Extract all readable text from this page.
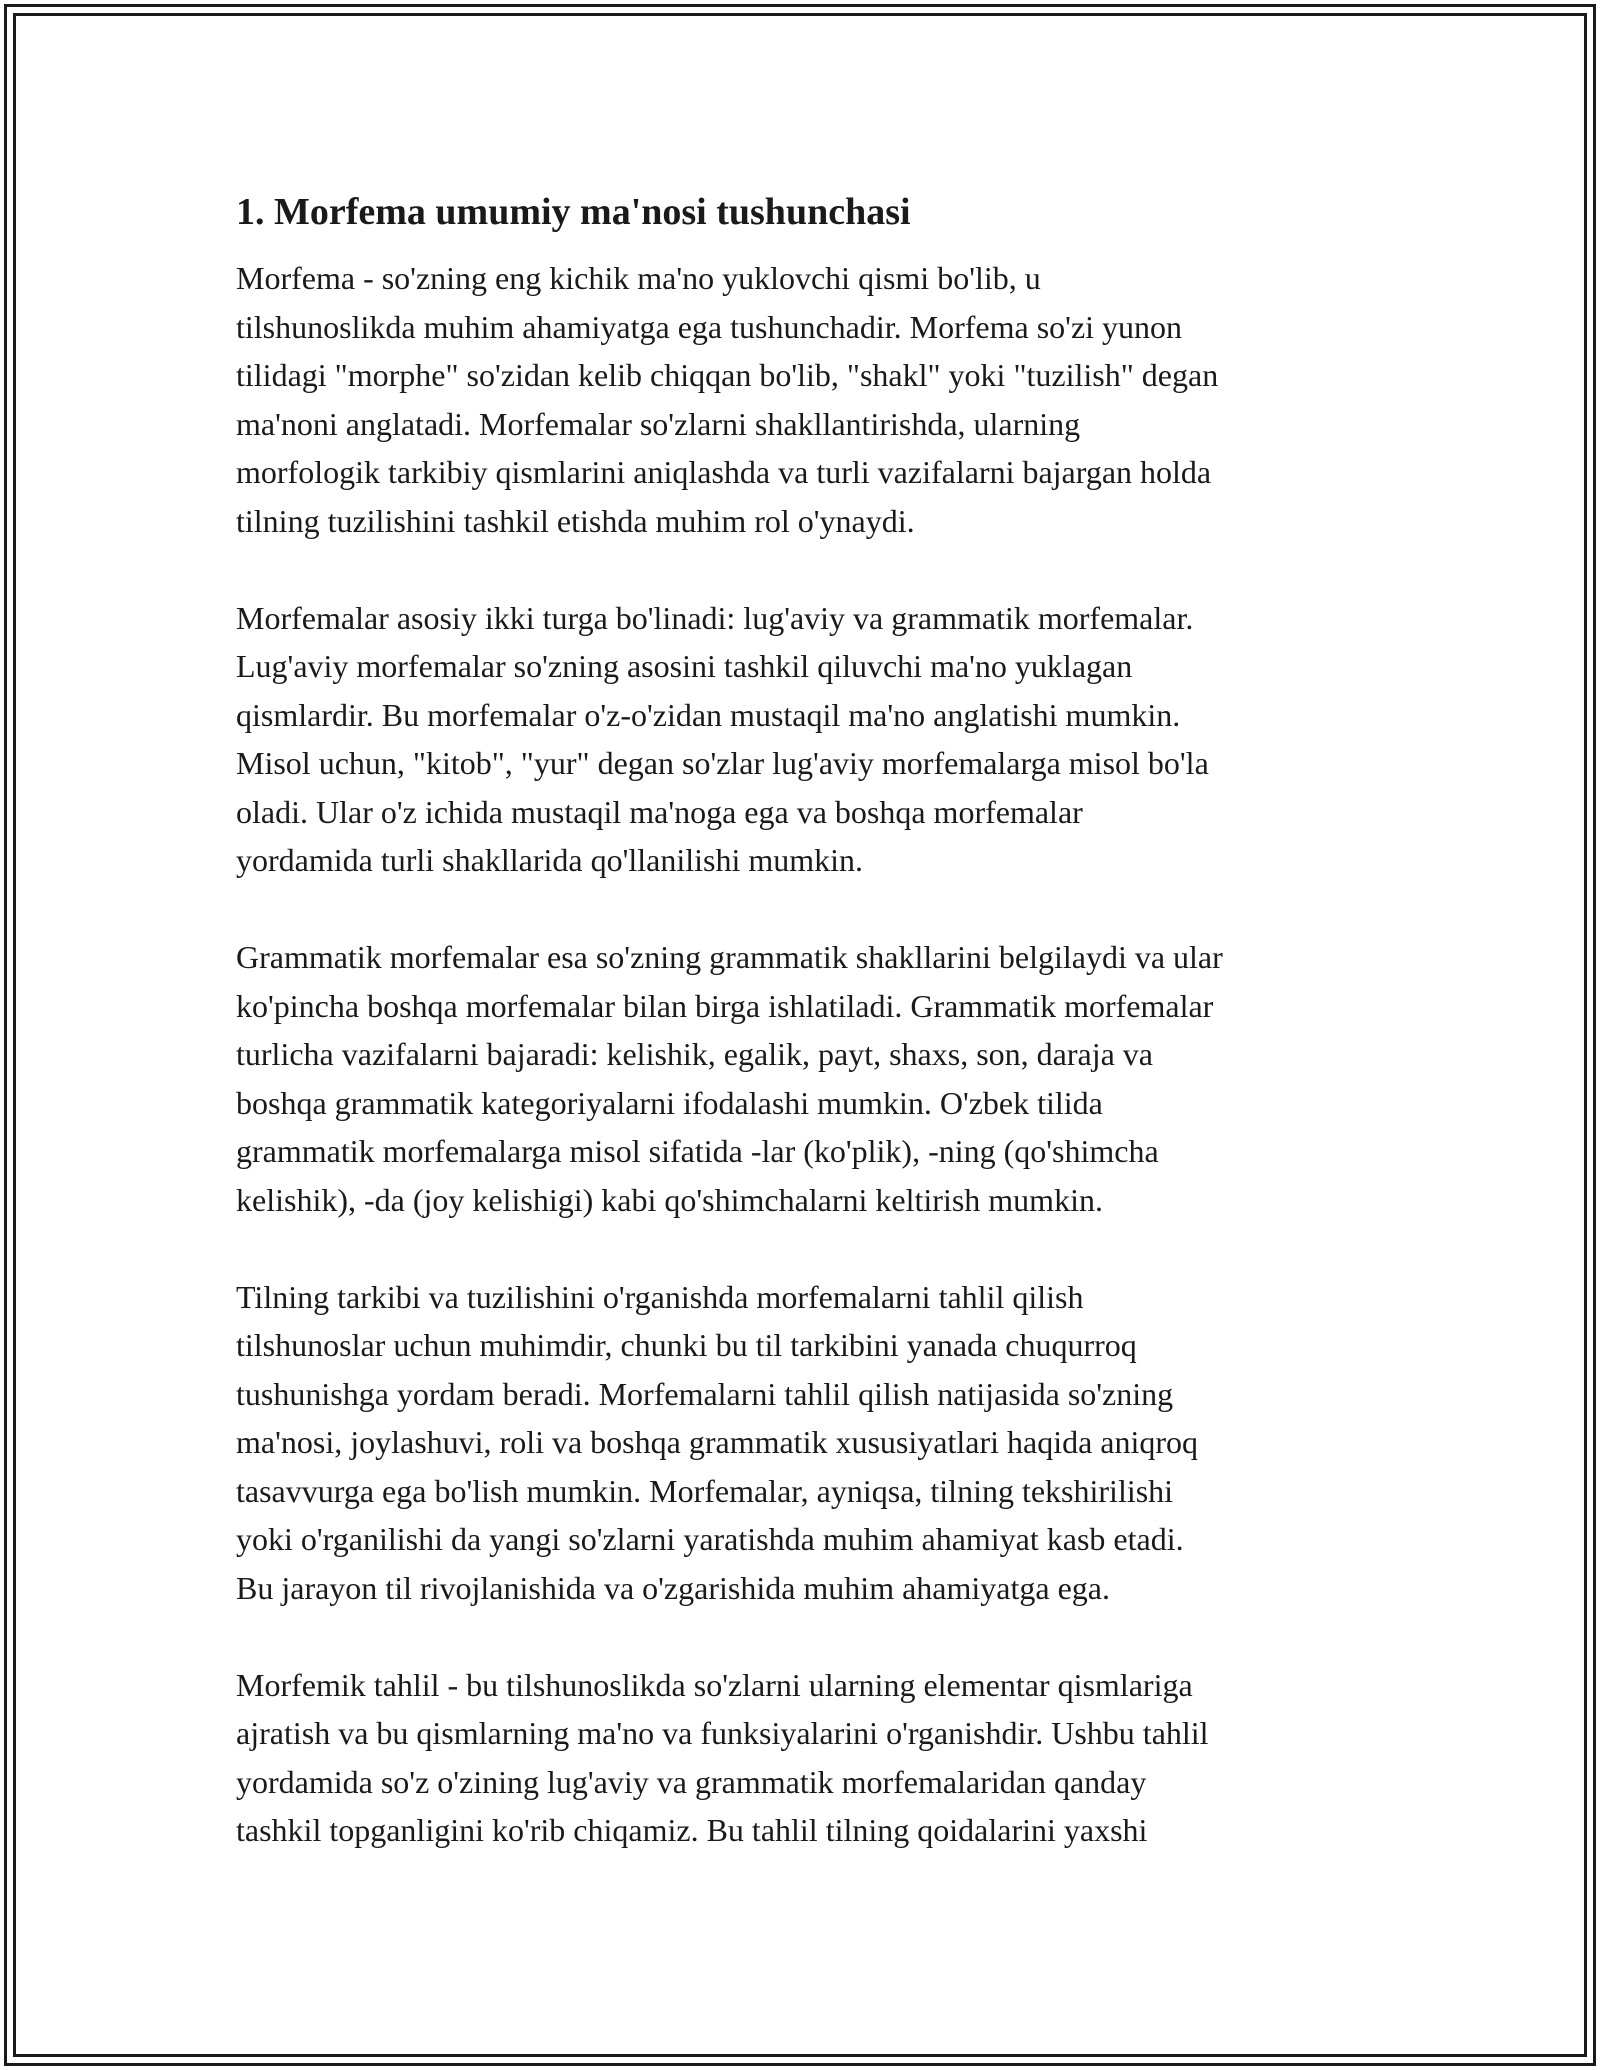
1. Morfema umumiy ma'nosi tushunchasi

Morfema - so'zning eng kichik ma'no yuklovchi qismi bo'lib, u
tilshunoslikda muhim ahamiyatga ega tushunchadir. Morfema so'zi yunon
tilidagi "morphe" so'zidan kelib chiqqan bo'lib, "shakl" yoki "tuzilish" degan
ma'noni anglatadi. Morfemalar so'zlarni shakllantirishda, ularning
morfologik tarkibiy qismlarini aniqlashda va turli vazifalarni bajargan holda
tilning tuzilishini tashkil etishda muhim rol o'ynaydi.

Morfemalar asosiy ikki turga bo'linadi: lug'aviy va grammatik morfemalar.
Lug'aviy morfemalar so'zning asosini tashkil qiluvchi ma'no yuklagan
qismlardir. Bu morfemalar o'z-o'zidan mustaqil ma'no anglatishi mumkin.
Misol uchun, "kitob", "yur" degan so'zlar lug'aviy morfemalarga misol bo'la
oladi. Ular o'z ichida mustaqil ma'noga ega va boshqa morfemalar
yordamida turli shakllarida qo'llanilishi mumkin.

Grammatik morfemalar esa so'zning grammatik shakllarini belgilaydi va ular
ko'pincha boshqa morfemalar bilan birga ishlatiladi. Grammatik morfemalar
turlicha vazifalarni bajaradi: kelishik, egalik, payt, shaxs, son, daraja va
boshqa grammatik kategoriyalarni ifodalashi mumkin. O'zbek tilida
grammatik morfemalarga misol sifatida -lar (ko'plik), -ning (qo'shimcha
kelishik), -da (joy kelishigi) kabi qo'shimchalarni keltirish mumkin.

Tilning tarkibi va tuzilishini o'rganishda morfemalarni tahlil qilish
tilshunoslar uchun muhimdir, chunki bu til tarkibini yanada chuqurroq
tushunishga yordam beradi. Morfemalarni tahlil qilish natijasida so'zning
ma'nosi, joylashuvi, roli va boshqa grammatik xususiyatlari haqida aniqroq
tasavvurga ega bo'lish mumkin. Morfemalar, ayniqsa, tilning tekshirilishi
yoki o'rganilishi da yangi so'zlarni yaratishda muhim ahamiyat kasb etadi.
Bu jarayon til rivojlanishida va o'zgarishida muhim ahamiyatga ega.

Morfemik tahlil - bu tilshunoslikda so'zlarni ularning elementar qismlariga
ajratish va bu qismlarning ma'no va funksiyalarini o'rganishdir. Ushbu tahlil
yordamida so'z o'zining lug'aviy va grammatik morfemalaridan qanday
tashkil topganligini ko'rib chiqamiz. Bu tahlil tilning qoidalarini yaxshi
